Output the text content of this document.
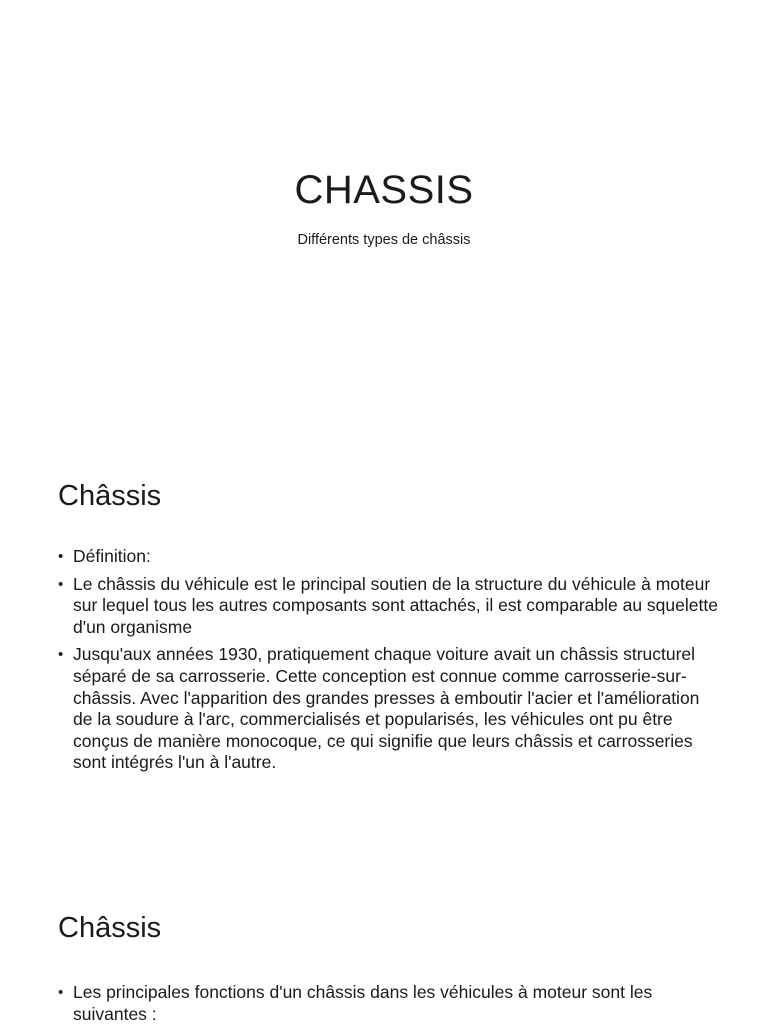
CHASSIS

Différents types de châssis

Châssis
• Définition:
• Le châssis du véhicule est le principal soutien de la structure du véhicule à moteur sur lequel tous les autres composants sont attachés, il est comparable au squelette d'un organisme
• Jusqu'aux années 1930, pratiquement chaque voiture avait un châssis structurel séparé de sa carrosserie. Cette conception est connue comme carrosserie-sur-châssis. Avec l'apparition des grandes presses à emboutir l'acier et l'amélioration de la soudure à l'arc, commercialisés et popularisés, les véhicules ont pu être conçus de manière monocoque, ce qui signifie que leurs châssis et carrosseries sont intégrés l'un à l'autre.
Châssis
• Les principales fonctions d'un châssis dans les véhicules à moteur sont les suivantes :
